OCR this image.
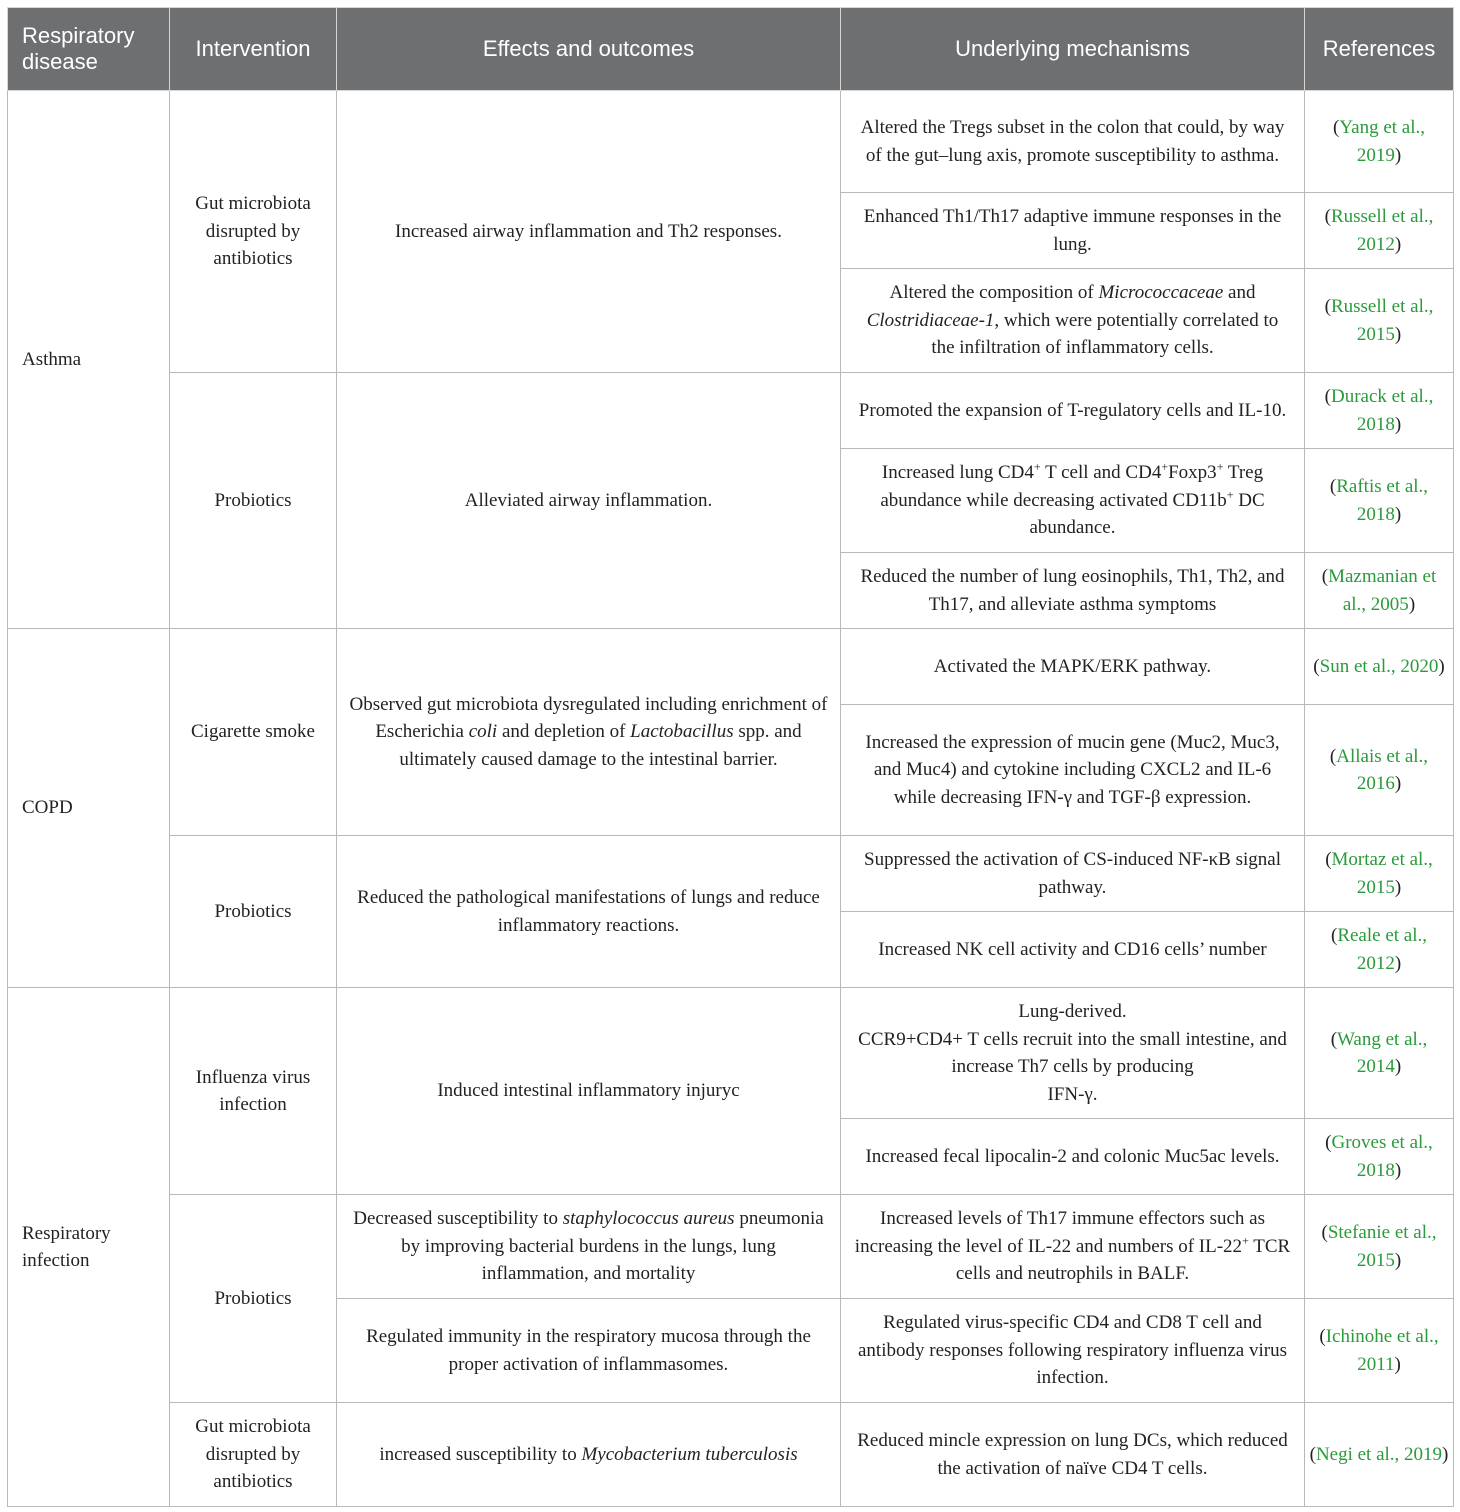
Respiratory disease	Intervention	Effects and outcomes	Underlying mechanisms	References
Asthma	Gut microbiota disrupted by antibiotics	Increased airway inflammation and Th2 responses.	Altered the Tregs subset in the colon that could, by way of the gut–lung axis, promote susceptibility to asthma.	(Yang et al., 2019)
			Enhanced Th1/Th17 adaptive immune responses in the lung.	(Russell et al., 2012)
			Altered the composition of Micrococcaceae and Clostridiaceae-1, which were potentially correlated to the infiltration of inflammatory cells.	(Russell et al., 2015)
	Probiotics	Alleviated airway inflammation.	Promoted the expansion of T-regulatory cells and IL-10.	(Durack et al., 2018)
			Increased lung CD4+ T cell and CD4+Foxp3+ Treg abundance while decreasing activated CD11b+ DC abundance.	(Raftis et al., 2018)
			Reduced the number of lung eosinophils, Th1, Th2, and Th17, and alleviate asthma symptoms	(Mazmanian et al., 2005)
COPD	Cigarette smoke	Observed gut microbiota dysregulated including enrichment of Escherichia coli and depletion of Lactobacillus spp. and ultimately caused damage to the intestinal barrier.	Activated the MAPK/ERK pathway.	(Sun et al., 2020)
			Increased the expression of mucin gene (Muc2, Muc3, and Muc4) and cytokine including CXCL2 and IL-6 while decreasing IFN-γ and TGF-β expression.	(Allais et al., 2016)
	Probiotics	Reduced the pathological manifestations of lungs and reduce inflammatory reactions.	Suppressed the activation of CS-induced NF-κB signal pathway.	(Mortaz et al., 2015)
			Increased NK cell activity and CD16 cells’ number	(Reale et al., 2012)
Respiratory infection	Influenza virus infection	Induced intestinal inflammatory injuryc	Lung-derived.
CCR9+CD4+ T cells recruit into the small intestine, and increase Th7 cells by producing
IFN-γ.	(Wang et al., 2014)
			Increased fecal lipocalin-2 and colonic Muc5ac levels.	(Groves et al., 2018)
	Probiotics	Decreased susceptibility to staphylococcus aureus pneumonia by improving bacterial burdens in the lungs, lung inflammation, and mortality	Increased levels of Th17 immune effectors such as increasing the level of IL-22 and numbers of IL-22+ TCR cells and neutrophils in BALF.	(Stefanie et al., 2015)
		Regulated immunity in the respiratory mucosa through the proper activation of inflammasomes.	Regulated virus-specific CD4 and CD8 T cell and antibody responses following respiratory influenza virus infection.	(Ichinohe et al., 2011)
	Gut microbiota disrupted by antibiotics	increased susceptibility to Mycobacterium tuberculosis	Reduced mincle expression on lung DCs, which reduced the activation of naïve CD4 T cells.	(Negi et al., 2019)
